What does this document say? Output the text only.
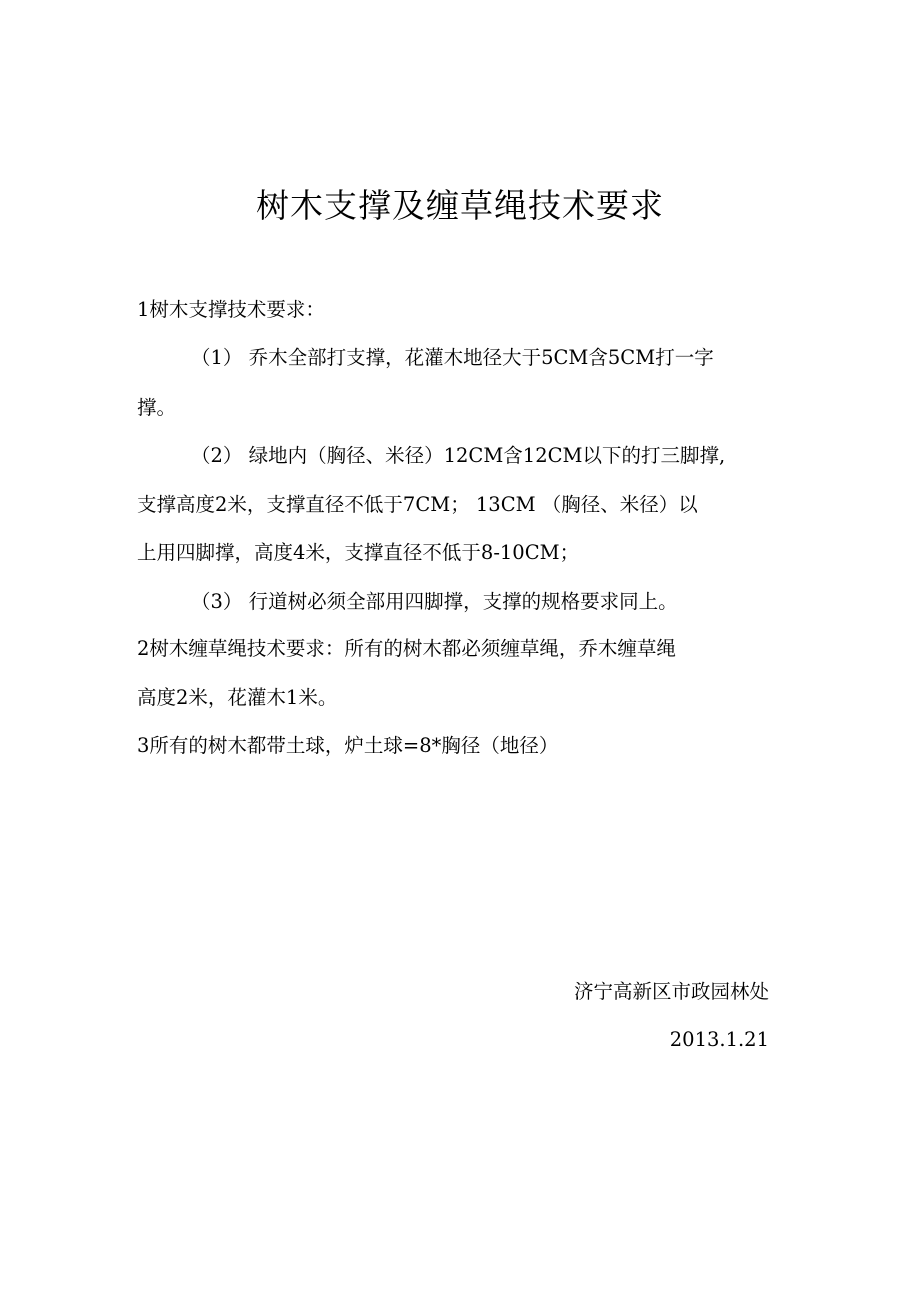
树木支撑及缠草绳技术要求
1树木支撑技术要求：
（1） 乔木全部打支撑，花灌木地径大于5CM含5CM打一字
撑。
（2） 绿地内（胸径、米径）12CM含12CM以下的打三脚撑,
支撑高度2米，支撑直径不低于7CM； 13CM （胸径、米径）以
上用四脚撑，高度4米，支撑直径不低于8-10CM；
（3） 行道树必须全部用四脚撑，支撑的规格要求同上。
2树木缠草绳技术要求：所有的树木都必须缠草绳，乔木缠草绳
高度2米，花灌木1米。
3所有的树木都带土球，炉土球=8*胸径（地径）
济宁高新区市政园林处
2013.1.21
